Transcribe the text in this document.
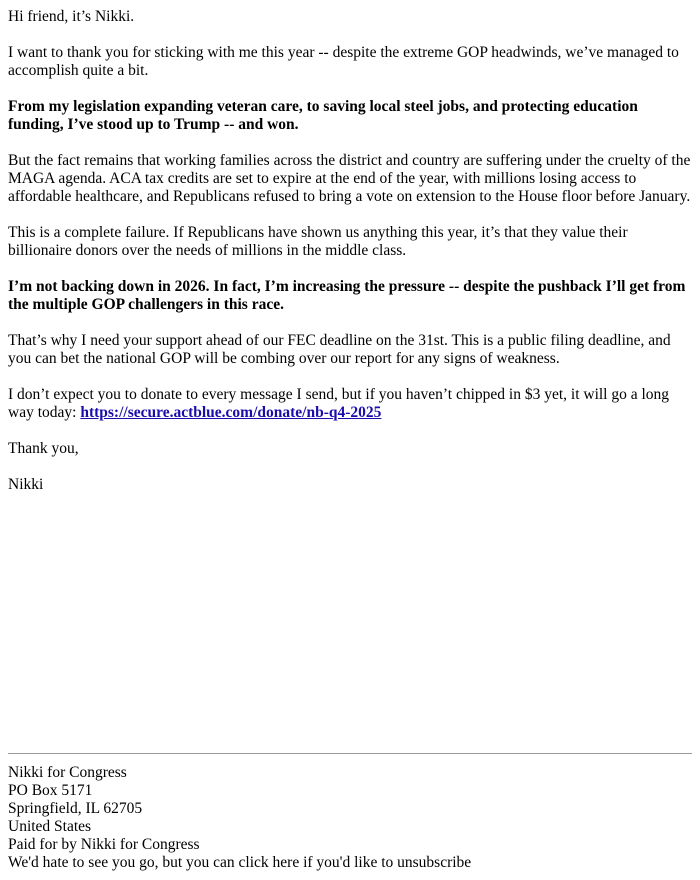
Hi friend, it’s Nikki.

I want to thank you for sticking with me this year -- despite the extreme GOP headwinds, we’ve managed to accomplish quite a bit.

From my legislation expanding veteran care, to saving local steel jobs, and protecting education funding, I’ve stood up to Trump -- and won.

But the fact remains that working families across the district and country are suffering under the cruelty of the MAGA agenda. ACA tax credits are set to expire at the end of the year, with millions losing access to affordable healthcare, and Republicans refused to bring a vote on extension to the House floor before January.

This is a complete failure. If Republicans have shown us anything this year, it’s that they value their billionaire donors over the needs of millions in the middle class.

I’m not backing down in 2026. In fact, I’m increasing the pressure -- despite the pushback I’ll get from the multiple GOP challengers in this race.

That’s why I need your support ahead of our FEC deadline on the 31st. This is a public filing deadline, and you can bet the national GOP will be combing over our report for any signs of weakness.

I don’t expect you to donate to every message I send, but if you haven’t chipped in $3 yet, it will go a long way today: https://secure.actblue.com/donate/nb-q4-2025

Thank you,

Nikki

Nikki for Congress
PO Box 5171
Springfield, IL 62705
United States
Paid for by Nikki for Congress
We'd hate to see you go, but you can click here if you'd like to unsubscribe
